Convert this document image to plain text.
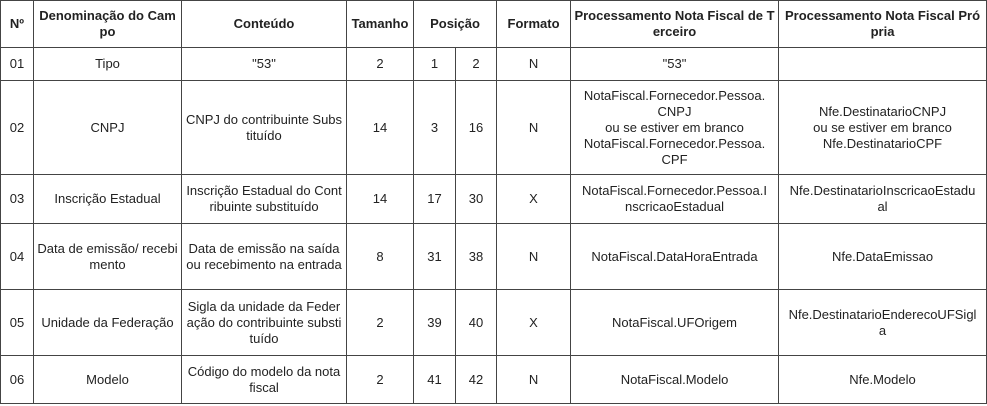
Nº	Denominação do Campo	Conteúdo	Tamanho	Posição		Formato	Processamento Nota Fiscal de Terceiro	Processamento Nota Fiscal Própria
01	Tipo	"53"	2	1	2	N	"53"	
02	CNPJ	CNPJ do contribuinte Substituído	14	3	16	N	NotaFiscal.Fornecedor.Pessoa.
CNPJ
ou se estiver em branco
NotaFiscal.Fornecedor.Pessoa.
CPF	Nfe.DestinatarioCNPJ
ou se estiver em branco
Nfe.DestinatarioCPF
03	Inscrição Estadual	Inscrição Estadual do Contribuinte substituído	14	17	30	X	NotaFiscal.Fornecedor.Pessoa.I
nscricaoEstadual	Nfe.DestinatarioInscricaoEstadu
al
04	Data de emissão/ recebimento	Data de emissão na saída ou recebimento na entrada	8	31	38	N	NotaFiscal.DataHoraEntrada	Nfe.DataEmissao
05	Unidade da Federação	Sigla da unidade da Federação do contribuinte substituído	2	39	40	X	NotaFiscal.UFOrigem	Nfe.DestinatarioEnderecoUFSigl
a
06	Modelo	Código do modelo da nota fiscal	2	41	42	N	NotaFiscal.Modelo	Nfe.Modelo
